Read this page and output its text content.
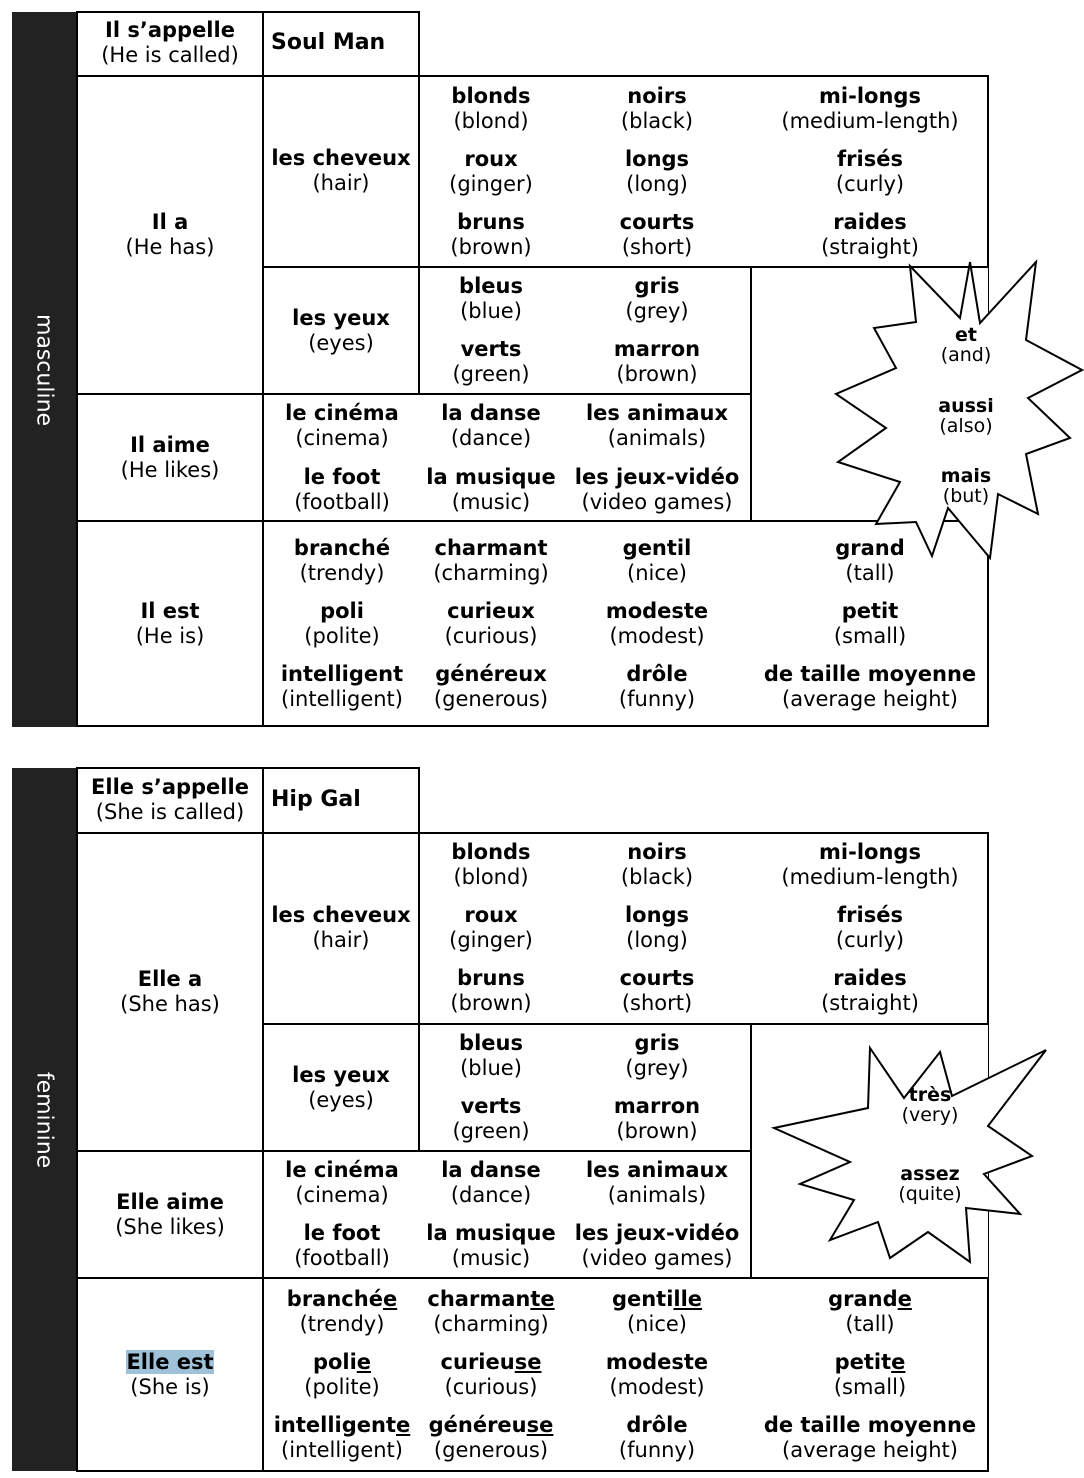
masculine
Il s’appelle
(He is called)	Soul Man
Il a
(He has)
Il aime
(He likes)
Il est
(He is)
les cheveux
(hair)
les yeux
(eyes)
blonds
(blond)
noirs
(black)
mi-longs
(medium-length)
roux
(ginger)
longs
(long)
frisés
(curly)
bruns
(brown)
courts
(short)
raides
(straight)
bleus
(blue)
gris
(grey)
verts
(green)
marron
(brown)
le cinéma
(cinema)
la danse
(dance)
les animaux
(animals)
le foot
(football)
la musique
(music)
les jeux-vidéo
(video games)
branché
(trendy)
charmant
(charming)
gentil
(nice)
grand
(tall)
poli
(polite)
curieux
(curious)
modeste
(modest)
petit
(small)
intelligent
(intelligent)
généreux
(generous)
drôle
(funny)
de taille moyenne
(average height)
et
(and)
aussi
(also)
mais
(but)
feminine
Elle s’appelle
(She is called)	Hip Gal
Elle a
(She has)
Elle aime
(She likes)
Elle est
(She is)
les cheveux
(hair)
les yeux
(eyes)
blonds
(blond)
noirs
(black)
mi-longs
(medium-length)
roux
(ginger)
longs
(long)
frisés
(curly)
bruns
(brown)
courts
(short)
raides
(straight)
bleus
(blue)
gris
(grey)
verts
(green)
marron
(brown)
le cinéma
(cinema)
la danse
(dance)
les animaux
(animals)
le foot
(football)
la musique
(music)
les jeux-vidéo
(video games)
branchée
(trendy)
charmante
(charming)
gentille
(nice)
grande
(tall)
polie
(polite)
curieuse
(curious)
modeste
(modest)
petite
(small)
intelligente
(intelligent)
généreuse
(generous)
drôle
(funny)
de taille moyenne
(average height)
très
(very)
assez
(quite)
